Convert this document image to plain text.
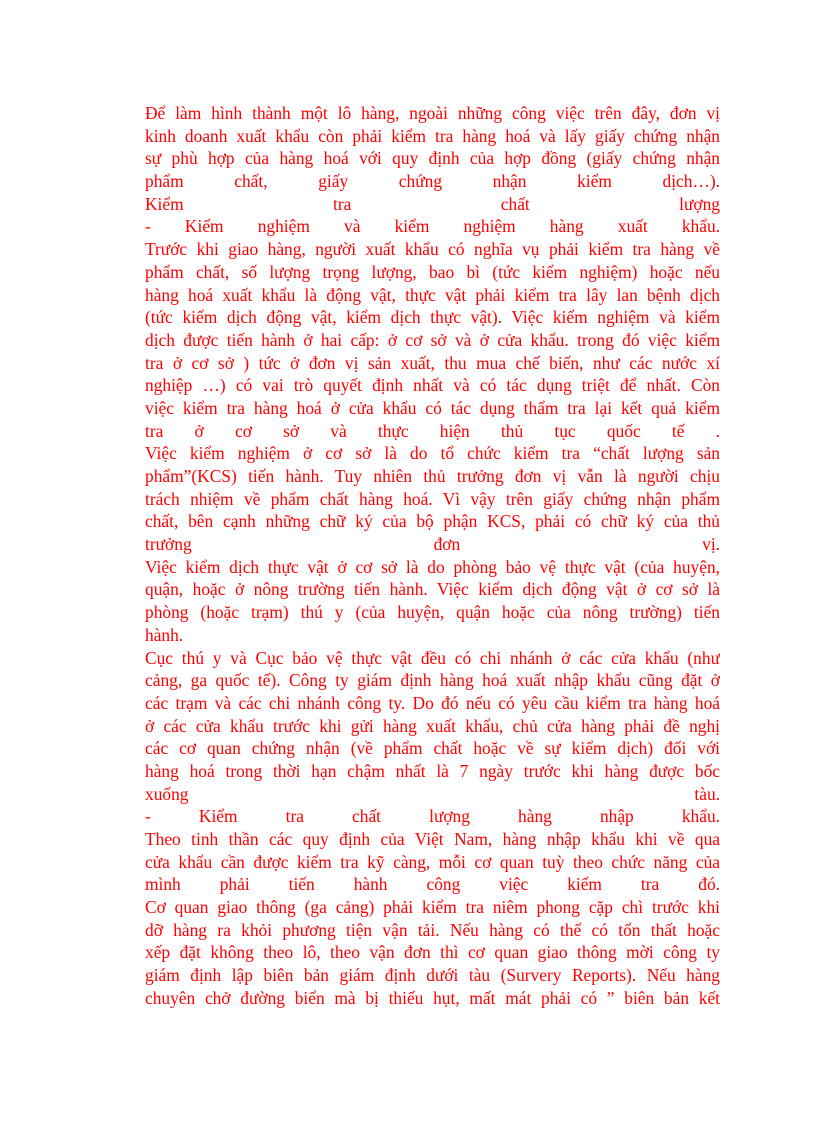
Để làm hình thành một lô hàng, ngoài những công việc trên đây, đơn vị
kinh doanh xuất khẩu còn phải kiểm tra hàng hoá và lấy giấy chứng nhận
sự phù hợp của hàng hoá với quy định của hợp đồng (giấy chứng nhận
phẩm chất, giấy chứng nhận kiểm dịch…).
Kiểm tra chất lượng
- Kiểm nghiệm và kiểm nghiệm hàng xuất khẩu.
Trước khi giao hàng, người xuất khẩu có nghĩa vụ phải kiểm tra hàng về
phẩm chất, số lượng trọng lượng, bao bì (tức kiểm nghiệm) hoặc nếu
hàng hoá xuất khẩu là động vật, thực vật phải kiểm tra lây lan bệnh dịch
(tức kiểm dịch động vật, kiểm dịch thực vật). Việc kiểm nghiệm và kiểm
dịch được tiến hành ở hai cấp: ở cơ sở và ở cửa khẩu. trong đó việc kiểm
tra ở cơ sở ) tức ở đơn vị sản xuất, thu mua chế biến, như các nước xí
nghiệp …) có vai trò quyết định nhất và có tác dụng triệt để nhất. Còn
việc kiểm tra hàng hoá ở cửa khẩu có tác dụng thẩm tra lại kết quả kiểm
tra ở cơ sở và thực hiện thủ tục quốc tế .
Việc kiểm nghiệm ở cơ sở là do tổ chức kiểm tra “chất lượng sản
phẩm”(KCS) tiến hành. Tuy nhiên thủ trưởng đơn vị vẫn là người chịu
trách nhiệm về phẩm chất hàng hoá. Vì vậy trên giấy chứng nhận phẩm
chất, bên cạnh những chữ ký của bộ phận KCS, phải có chữ ký của thủ
trưởng đơn vị.
Việc kiểm dịch thực vật ở cơ sở là do phòng bảo vệ thực vật (của huyện,
quận, hoặc ở nông trường tiến hành. Việc kiểm dịch động vật ở cơ sở là
phòng (hoặc trạm) thú y (của huyện, quận hoặc của nông trường) tiến
hành.
Cục thú y và Cục bảo vệ thực vật đều có chi nhánh ở các cửa khẩu (như
cảng, ga quốc tế). Công ty giám định hàng hoá xuất nhập khẩu cũng đặt ở
các trạm và các chi nhánh công ty. Do đó nếu có yêu cầu kiểm tra hàng hoá
ở các cửa khẩu trước khi gửi hàng xuất khẩu, chủ cửa hàng phải đề nghị
các cơ quan chứng nhận (về phẩm chất hoặc về sự kiểm dịch) đối với
hàng hoá trong thời hạn chậm nhất là 7 ngày trước khi hàng được bốc
xuống tàu.
- Kiểm tra chất lượng hàng nhập khẩu.
Theo tinh thần các quy định của Việt Nam, hàng nhập khẩu khi về qua
cửa khẩu cần được kiểm tra kỹ càng, mỗi cơ quan tuỳ theo chức năng của
mình phải tiến hành công việc kiểm tra đó.
Cơ quan giao thông (ga cảng) phải kiểm tra niêm phong cặp chì trước khi
dỡ hàng ra khỏi phương tiện vận tải. Nếu hàng có thể có tổn thất hoặc
xếp đặt không theo lô, theo vận đơn thì cơ quan giao thông mời công ty
giám định lập biên bản giám định dưới tàu (Survery Reports). Nếu hàng
chuyên chở đường biển mà bị thiếu hụt, mất mát phải có ” biên bản kết
